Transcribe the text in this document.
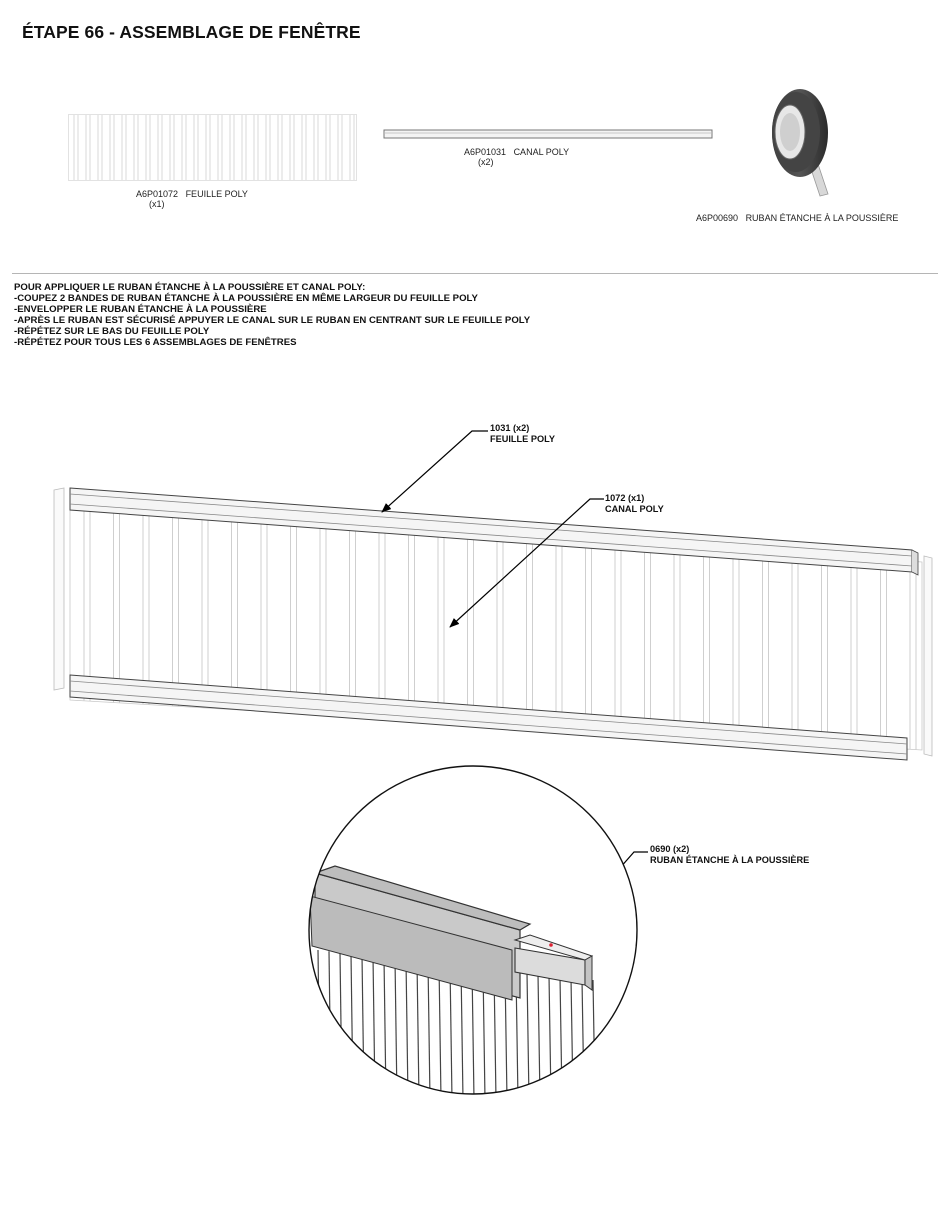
ÉTAPE 66 - ASSEMBLAGE DE FENÊTRE
A6P01072 FEUILLE POLY
(x1)
A6P01031 CANAL POLY
(x2)
A6P00690 RUBAN ÉTANCHE À LA POUSSIÈRE
POUR APPLIQUER LE RUBAN ÉTANCHE À LA POUSSIÈRE ET CANAL POLY:
-COUPEZ 2 BANDES DE RUBAN ÉTANCHE À LA POUSSIÈRE EN MÊME LARGEUR DU FEUILLE POLY
-ENVELOPPER LE RUBAN ÉTANCHE À LA POUSSIÈRE
-APRÈS LE RUBAN EST SÉCURISÉ APPUYER LE CANAL SUR LE RUBAN EN CENTRANT SUR LE FEUILLE POLY
-RÉPÉTEZ SUR LE BAS DU FEUILLE POLY
-RÉPÉTEZ POUR TOUS LES 6 ASSEMBLAGES DE FENÊTRES
1031 (x2)
FEUILLE POLY
1072 (x1)
CANAL POLY
0690 (x2)
RUBAN ÉTANCHE À LA POUSSIÈRE
